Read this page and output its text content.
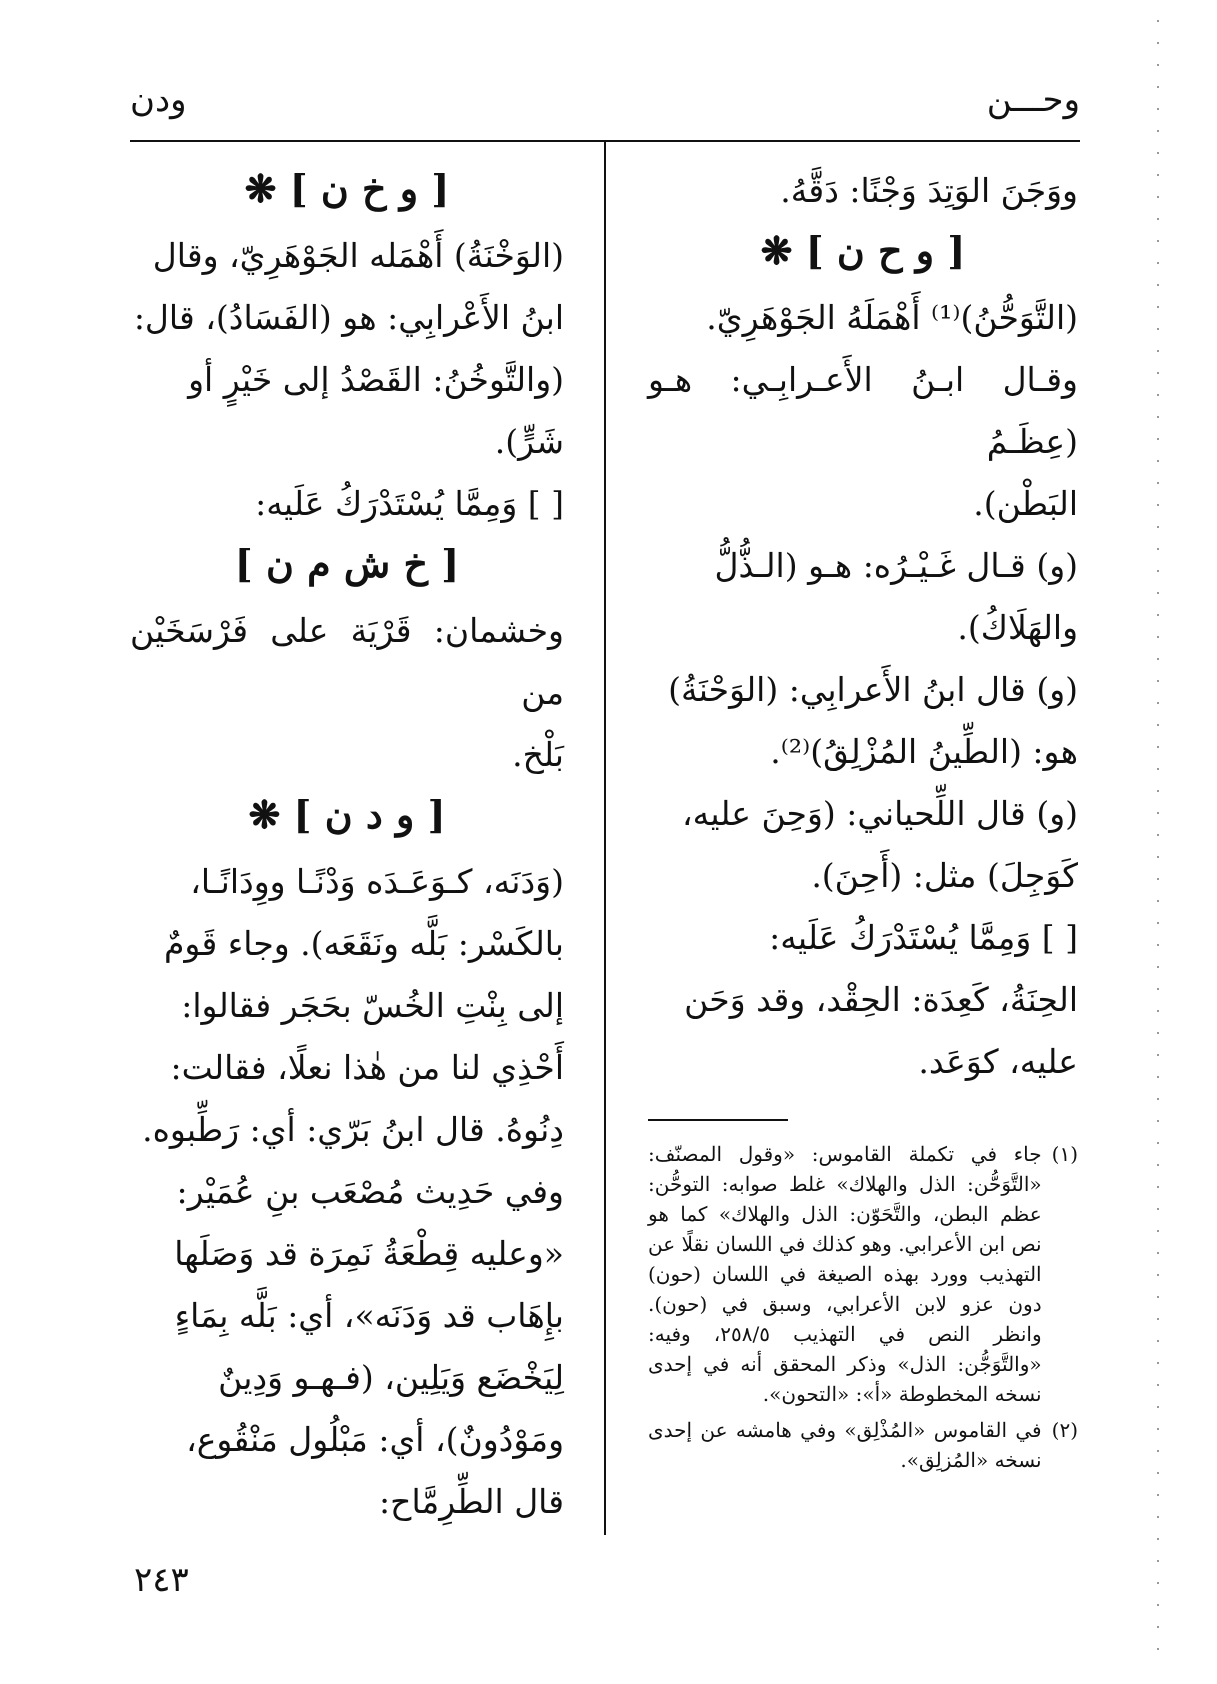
وحـــن
ودن
ووَجَنَ الوَتِدَ وَجْنًا: دَقَّهُ.
[ و ح ن ] ❋
(التَّوَحُّنُ)⁽¹⁾ أَهْمَلَهُ الجَوْهَرِيّ.
وقـال ابـنُ الأَعـرابِـي: هـو (عِظَـمُ
البَطْن).
(و) قـال غَـيْـرُه: هـو (الـذُّلُّ
والهَلَاكُ).
(و) قال ابنُ الأَعرابِي: (الوَحْنَةُ)
هو: (الطِّينُ المُزْلِقُ)⁽²⁾.
(و) قال اللِّحياني: (وَحِنَ عليه،
كَوَجِلَ) مثل: (أَحِنَ).
[ ] وَمِمَّا يُسْتَدْرَكُ عَلَيه:
الحِنَةُ، كَعِدَة: الحِقْد، وقد وَحَن
عليه، كوَعَد.
(١)
جاء في تكملة القاموس: «وقول المصنّف: «التَّوَحُّن: الذل والهلاك» غلط صوابه: التوحُّن: عظم البطن، والتَّحَوّن: الذل والهلاك» كما هو نص ابن الأعرابي. وهو كذلك في اللسان نقلًا عن التهذيب وورد بهذه الصيغة في اللسان (حون) دون عزو لابن الأعرابي، وسبق في (حون). وانظر النص في التهذيب ٢٥٨/٥، وفيه: «والتَّوَجُّن: الذل» وذكر المحقق أنه في إحدى نسخه المخطوطة «أ»: «التحون».
(٢)
في القاموس «المُذْلِق» وفي هامشه عن إحدى نسخه «المُزلِق».
[ و خ ن ] ❋
(الوَخْنَةُ) أَهْمَله الجَوْهَرِيّ، وقال
ابنُ الأَعْرابِي: هو (الفَسَادُ)، قال:
(والتَّوخُنُ: القَصْدُ إلى خَيْرٍ أو
شَرٍّ).
[ ] وَمِمَّا يُسْتَدْرَكُ عَلَيه:
[ خ ش م ن ]
وخشمان: قَرْيَة على فَرْسَخَيْن من
بَلْخ.
[ و د ن ] ❋
(وَدَنَه، كـوَعَـدَه وَدْنًـا ووِدَانًـا،
بالكَسْر: بَلَّه ونَقَعَه). وجاء قَومٌ
إلى بِنْتِ الخُسّ بحَجَر فقالوا:
أَحْذِي لنا من هٰذا نعلًا، فقالت:
دِنُوهُ. قال ابنُ بَرّي: أي: رَطِّبوه.
وفي حَدِيث مُصْعَب بنِ عُمَيْر:
«وعليه قِطْعَةُ نَمِرَة قد وَصَلَها
بإِهَاب قد وَدَنَه»، أي: بَلَّه بِمَاءٍ
لِيَخْضَع وَيَلِين، (فـهـو وَدِينٌ
ومَوْدُونٌ)، أي: مَبْلُول مَنْقُوع،
قال الطِّرِمَّاح:
٢٤٣
